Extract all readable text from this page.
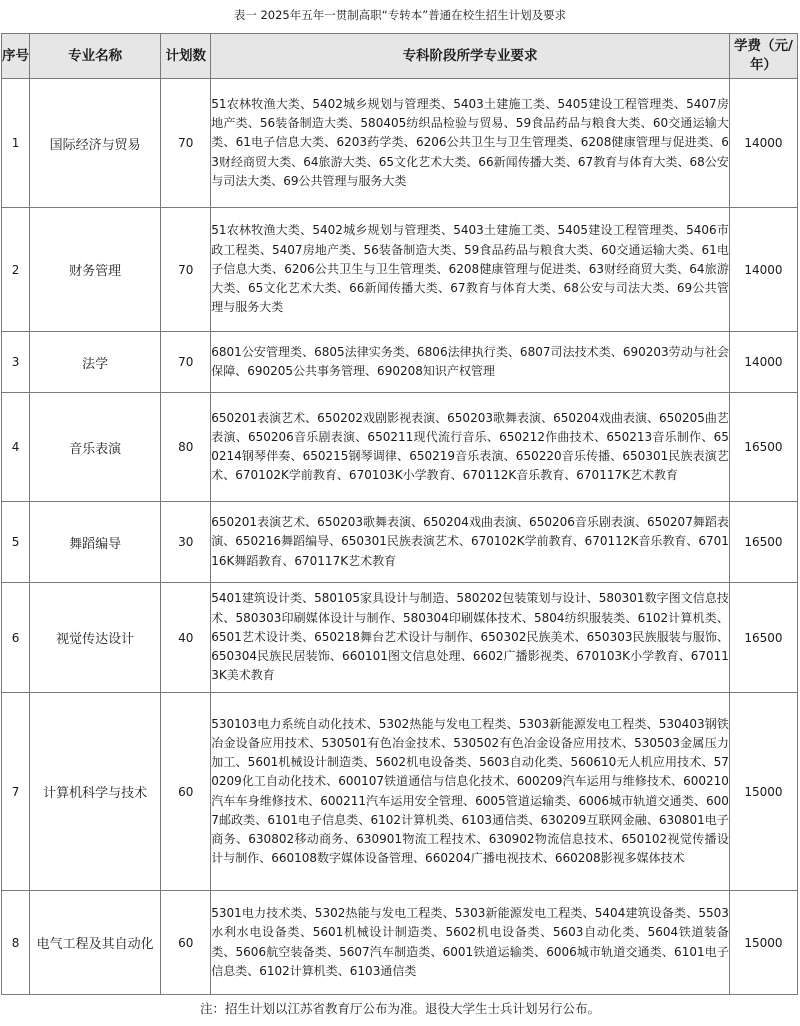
表一 2025年五年一贯制高职“专转本”普通在校生招生计划及要求
序号	专业名称	计划数	专科阶段所学专业要求	学费（元/年）
1	国际经济与贸易	70	51农林牧渔大类、5402城乡规划与管理类、5403土建施工类、5405建设工程管理类、5407房地产类、56装备制造大类、580405纺织品检验与贸易、59食品药品与粮食大类、60交通运输大类、61电子信息大类、6203药学类、6206公共卫生与卫生管理类、6208健康管理与促进类、63财经商贸大类、64旅游大类、65文化艺术大类、66新闻传播大类、67教育与体育大类、68公安与司法大类、69公共管理与服务大类	14000
2	财务管理	70	51农林牧渔大类、5402城乡规划与管理类、5403土建施工类、5405建设工程管理类、5406市政工程类、5407房地产类、56装备制造大类、59食品药品与粮食大类、60交通运输大类、61电子信息大类、6206公共卫生与卫生管理类、6208健康管理与促进类、63财经商贸大类、64旅游大类、65文化艺术大类、66新闻传播大类、67教育与体育大类、68公安与司法大类、69公共管理与服务大类	14000
3	法学	70	6801公安管理类、6805法律实务类、6806法律执行类、6807司法技术类、690203劳动与社会保障、690205公共事务管理、690208知识产权管理	14000
4	音乐表演	80	650201表演艺术、650202戏剧影视表演、650203歌舞表演、650204戏曲表演、650205曲艺表演、650206音乐剧表演、650211现代流行音乐、650212作曲技术、650213音乐制作、650214钢琴伴奏、650215钢琴调律、650219音乐表演、650220音乐传播、650301民族表演艺术、670102K学前教育、670103K小学教育、670112K音乐教育、670117K艺术教育	16500
5	舞蹈编导	30	650201表演艺术、650203歌舞表演、650204戏曲表演、650206音乐剧表演、650207舞蹈表演、650216舞蹈编导、650301民族表演艺术、670102K学前教育、670112K音乐教育、670116K舞蹈教育、670117K艺术教育	16500
6	视觉传达设计	40	5401建筑设计类、580105家具设计与制造、580202包装策划与设计、580301数字图文信息技术、580303印刷媒体设计与制作、580304印刷媒体技术、5804纺织服装类、6102计算机类、6501艺术设计类、650218舞台艺术设计与制作、650302民族美术、650303民族服装与服饰、650304民族民居装饰、660101图文信息处理、6602广播影视类、670103K小学教育、670113K美术教育	16500
7	计算机科学与技术	60	530103电力系统自动化技术、5302热能与发电工程类、5303新能源发电工程类、530403钢铁冶金设备应用技术、530501有色冶金技术、530502有色冶金设备应用技术、530503金属压力加工、5601机械设计制造类、5602机电设备类、5603自动化类、560610无人机应用技术、570209化工自动化技术、600107铁道通信与信息化技术、600209汽车运用与维修技术、600210汽车车身维修技术、600211汽车运用安全管理、6005管道运输类、6006城市轨道交通类、6007邮政类、6101电子信息类、6102计算机类、6103通信类、630209互联网金融、630801电子商务、630802移动商务、630901物流工程技术、630902物流信息技术、650102视觉传播设计与制作、660108数字媒体设备管理、660204广播电视技术、660208影视多媒体技术	15000
8	电气工程及其自动化	60	5301电力技术类、5302热能与发电工程类、5303新能源发电工程类、5404建筑设备类、5503水利水电设备类、5601机械设计制造类、5602机电设备类、5603自动化类、5604铁道装备类、5606航空装备类、5607汽车制造类、6001铁道运输类、6006城市轨道交通类、6101电子信息类、6102计算机类、6103通信类	15000
注：招生计划以江苏省教育厅公布为准。退役大学生士兵计划另行公布。
